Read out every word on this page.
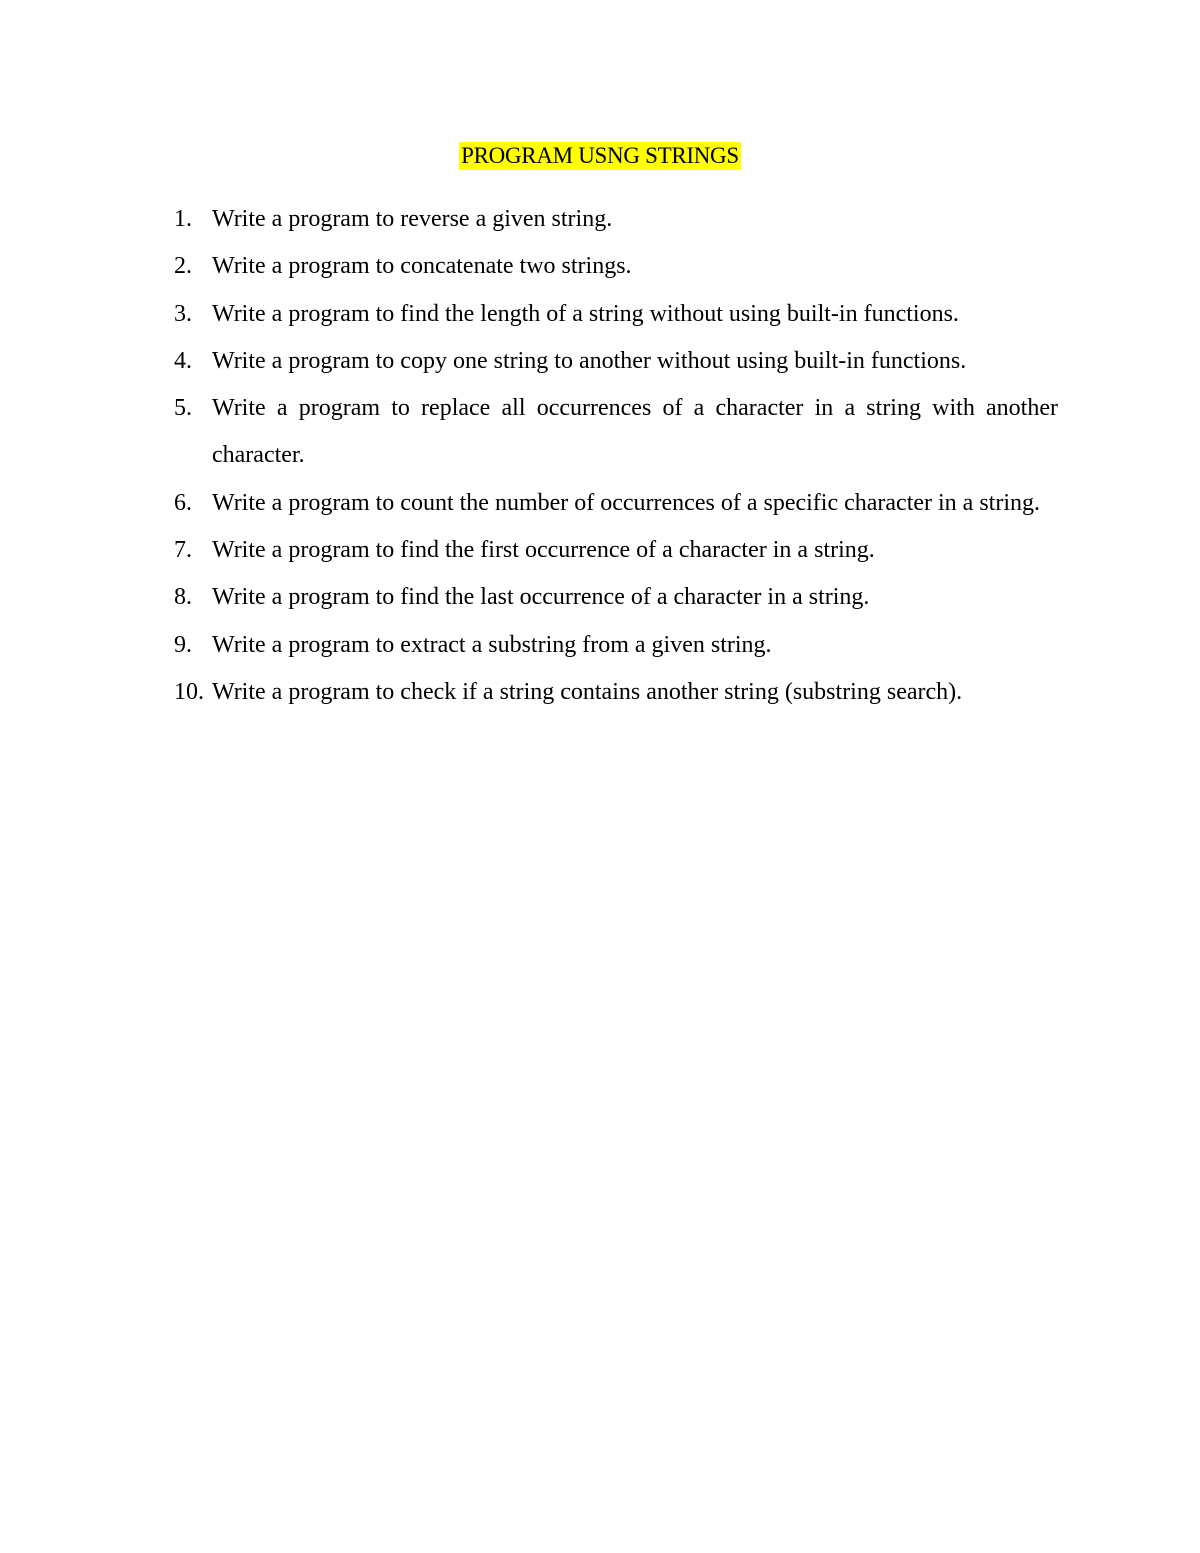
PROGRAM USNG STRINGS
1. Write a program to reverse a given string.
2. Write a program to concatenate two strings.
3. Write a program to find the length of a string without using built-in functions.
4. Write a program to copy one string to another without using built-in functions.
5. Write a program to replace all occurrences of a character in a string with another character.
6. Write a program to count the number of occurrences of a specific character in a string.
7. Write a program to find the first occurrence of a character in a string.
8. Write a program to find the last occurrence of a character in a string.
9. Write a program to extract a substring from a given string.
10. Write a program to check if a string contains another string (substring search).
